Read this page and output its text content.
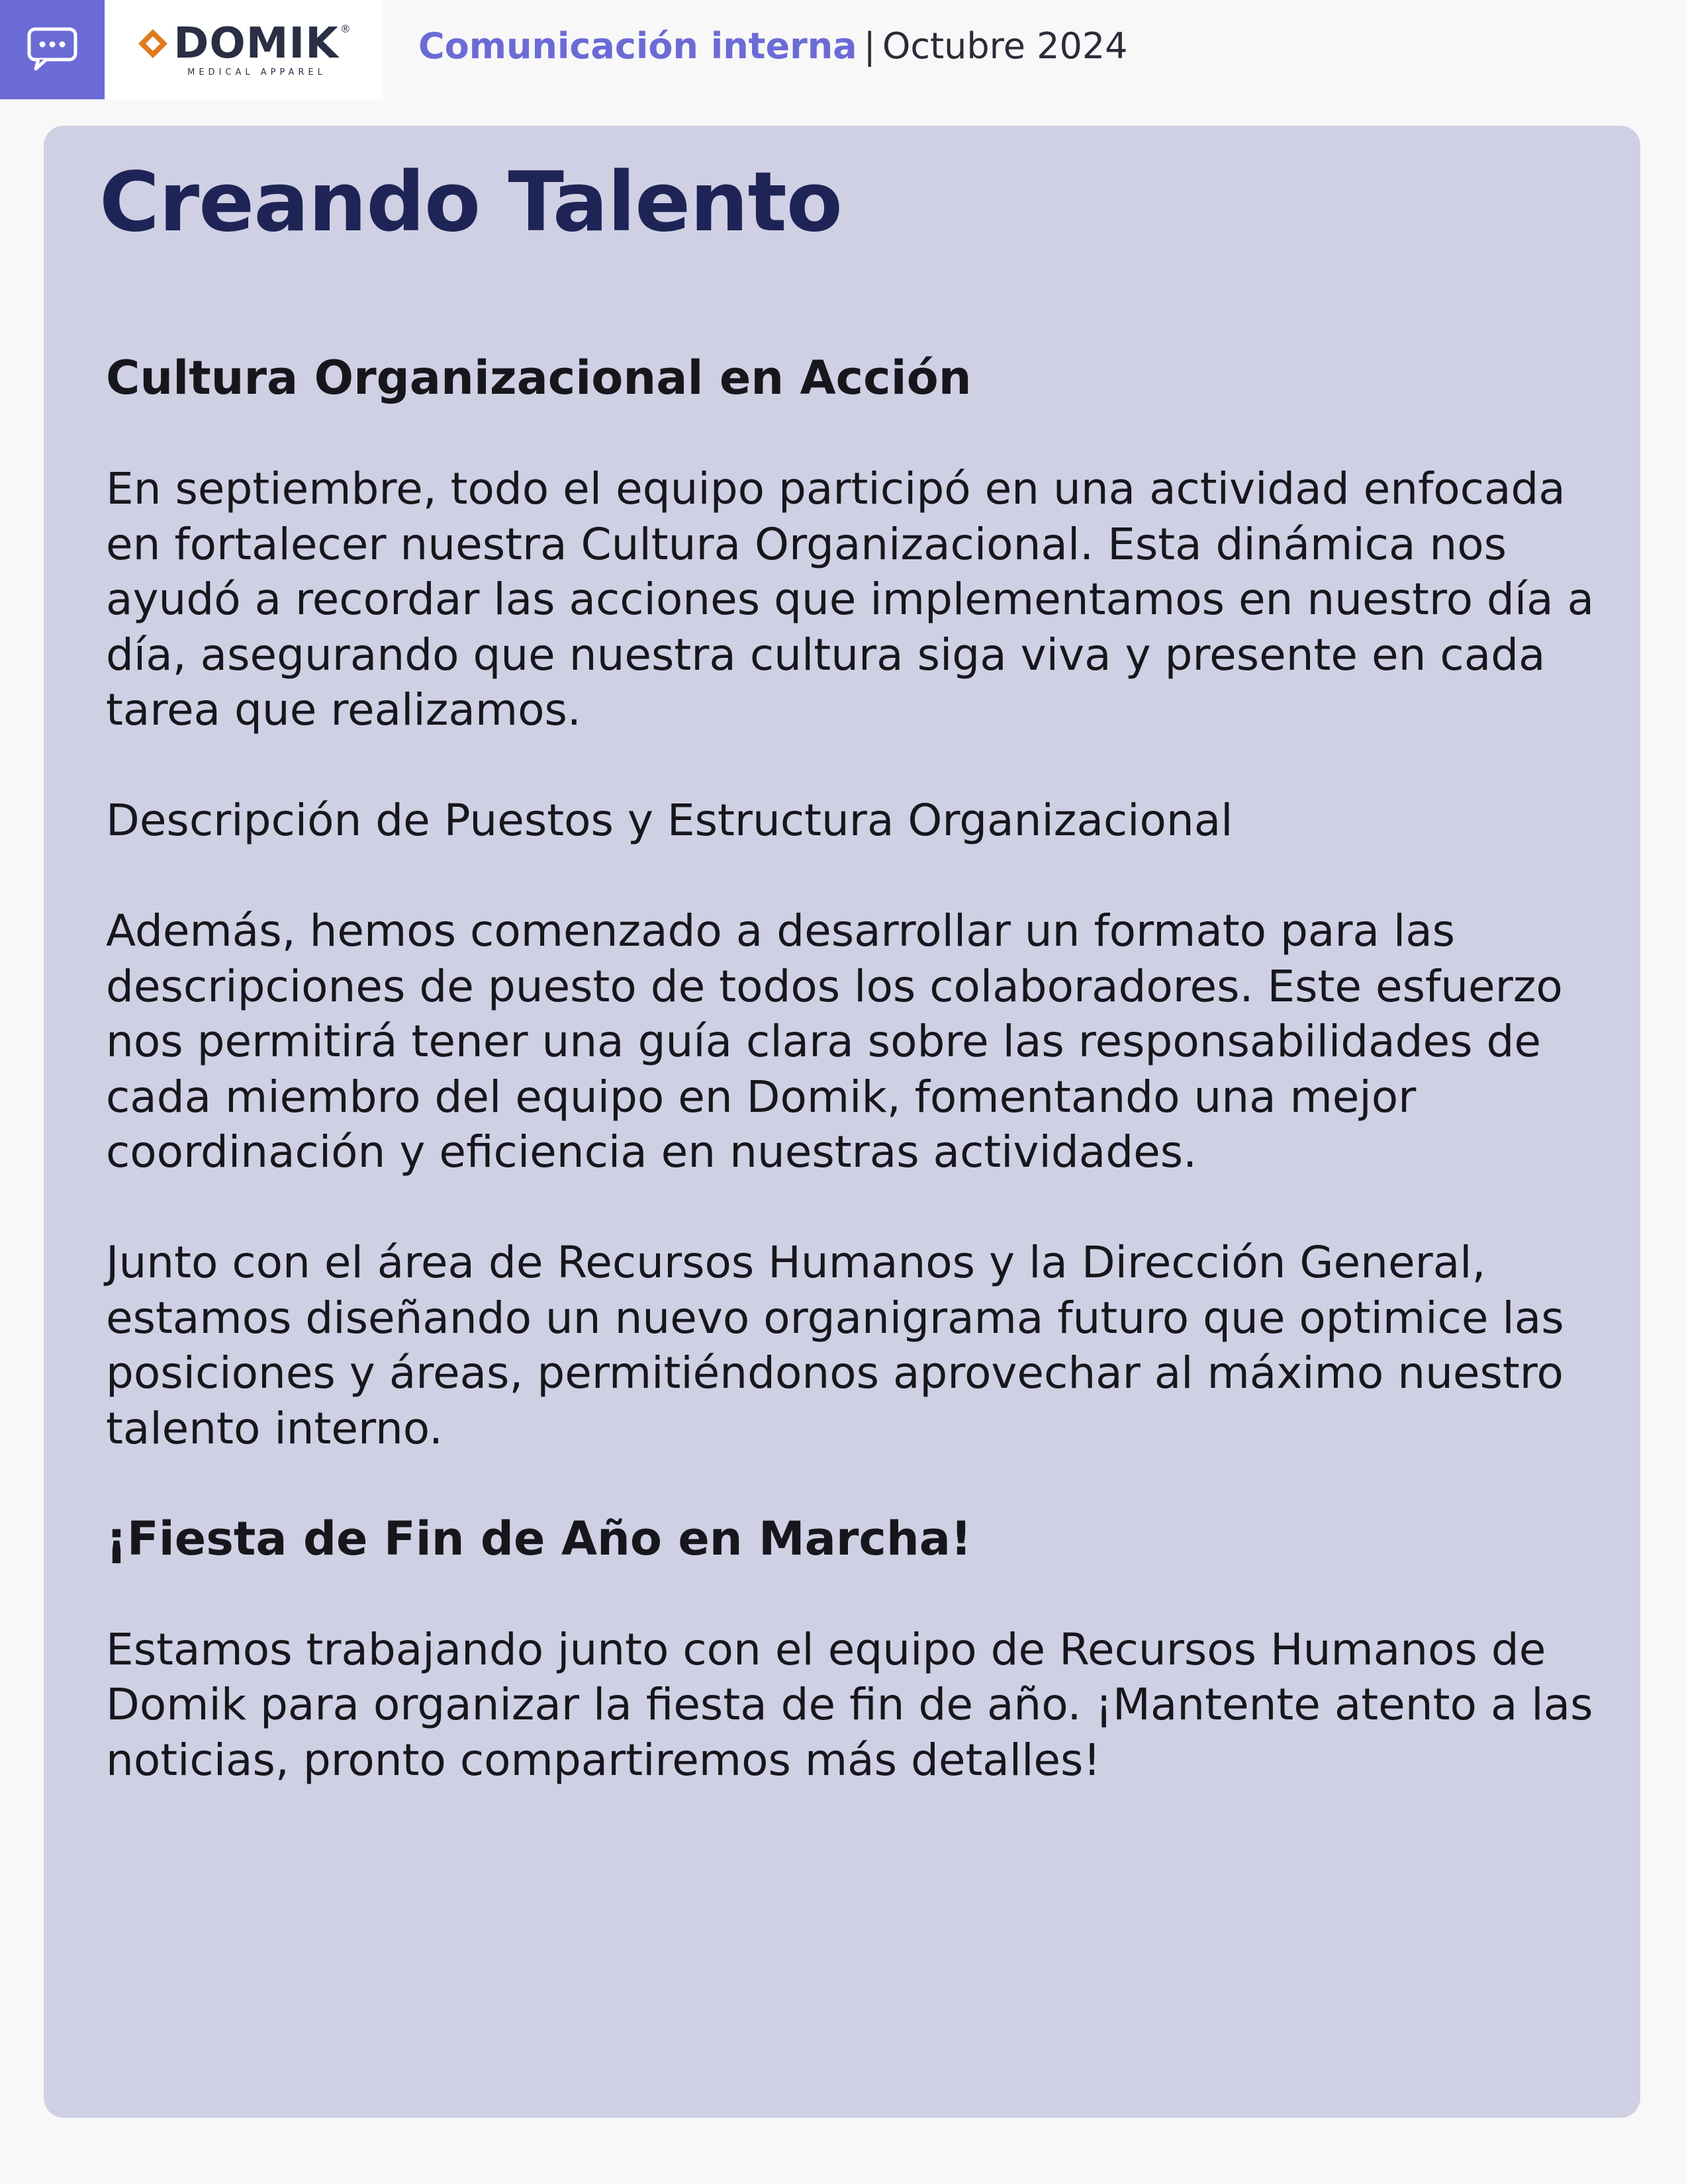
DOMIK ®
MEDICAL APPAREL
Comunicación interna | Octubre 2024
Creando Talento

Cultura Organizacional en Acción

En septiembre, todo el equipo participó en una actividad enfocada en fortalecer nuestra Cultura Organizacional. Esta dinámica nos ayudó a recordar las acciones que implementamos en nuestro día a día, asegurando que nuestra cultura siga viva y presente en cada tarea que realizamos.

Descripción de Puestos y Estructura Organizacional

Además, hemos comenzado a desarrollar un formato para las descripciones de puesto de todos los colaboradores. Este esfuerzo nos permitirá tener una guía clara sobre las responsabilidades de cada miembro del equipo en Domik, fomentando una mejor coordinación y eficiencia en nuestras actividades.

Junto con el área de Recursos Humanos y la Dirección General, estamos diseñando un nuevo organigrama futuro que optimice las posiciones y áreas, permitiéndonos aprovechar al máximo nuestro talento interno.

¡Fiesta de Fin de Año en Marcha!

Estamos trabajando junto con el equipo de Recursos Humanos de Domik para organizar la fiesta de fin de año. ¡Mantente atento a las noticias, pronto compartiremos más detalles!
